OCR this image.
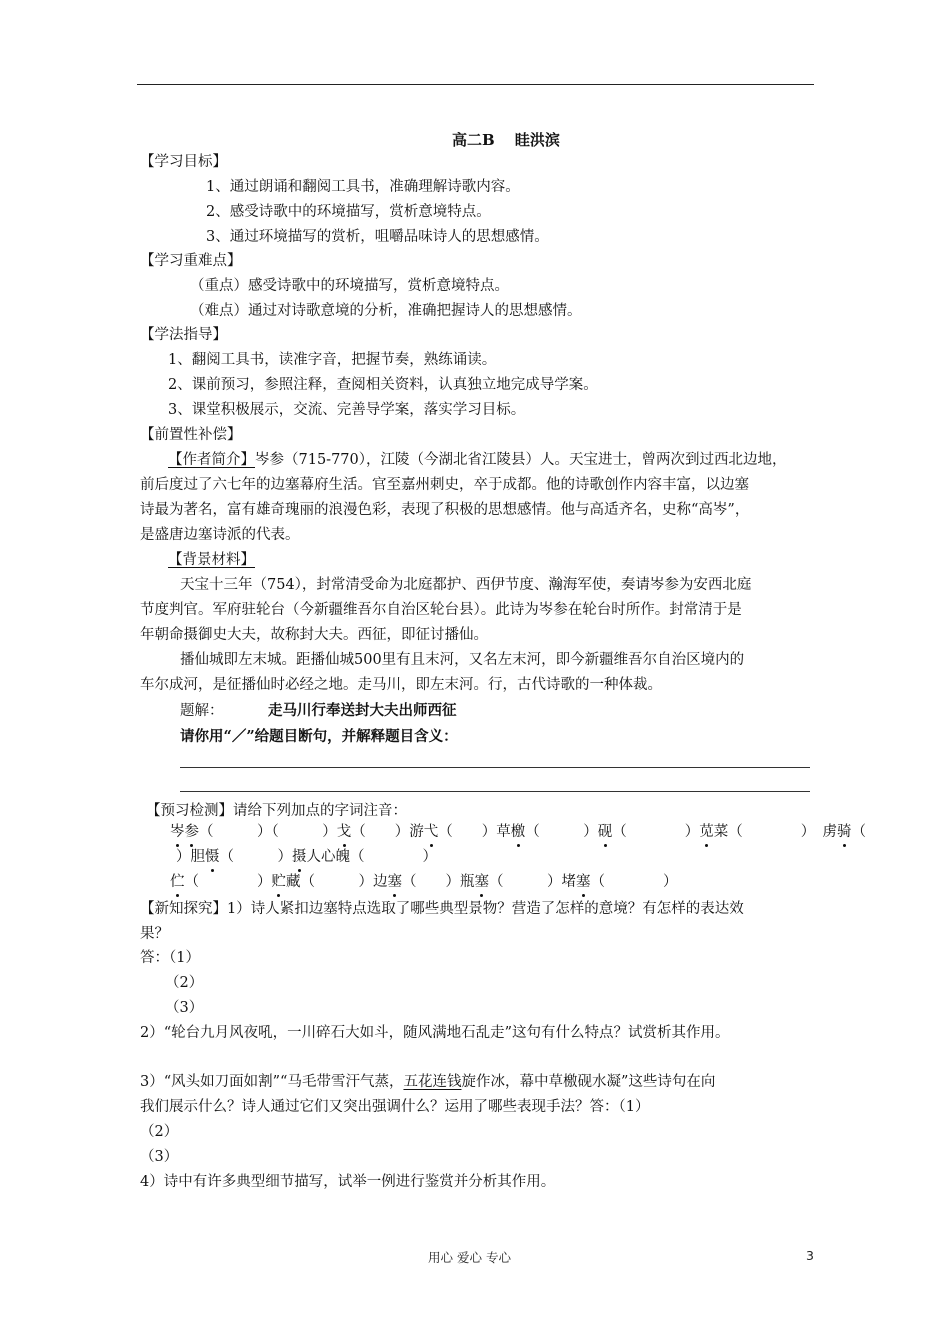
高二B　 眭洪滨
【学习目标】
1、通过朗诵和翻阅工具书，准确理解诗歌内容。
2、感受诗歌中的环境描写，赏析意境特点。
3、通过环境描写的赏析，咀嚼品味诗人的思想感情。
【学习重难点】
（重点）感受诗歌中的环境描写，赏析意境特点。
（难点）通过对诗歌意境的分析，准确把握诗人的思想感情。
【学法指导】
1、翻阅工具书，读准字音，把握节奏，熟练诵读。
2、课前预习，参照注释，查阅相关资料，认真独立地完成导学案。
3、课堂积极展示，交流、完善导学案，落实学习目标。
【前置性补偿】
【作者简介】岑参（715-770），江陵（今湖北省江陵县）人。天宝进士，曾两次到过西北边地，
前后度过了六七年的边塞幕府生活。官至嘉州刺史，卒于成都。他的诗歌创作内容丰富，以边塞
诗最为著名，富有雄奇瑰丽的浪漫色彩，表现了积极的思想感情。他与高适齐名，史称“高岑”，
是盛唐边塞诗派的代表。
【背景材料】
天宝十三年（754），封常清受命为北庭都护、西伊节度、瀚海军使，奏请岑参为安西北庭
节度判官。军府驻轮台（今新疆维吾尔自治区轮台县）。此诗为岑参在轮台时所作。封常清于是
年朝命摄御史大夫，故称封大夫。西征，即征讨播仙。
播仙城即左末城。距播仙城500里有且末河，又名左末河，即今新疆维吾尔自治区境内的
车尔成河，是征播仙时必经之地。走马川，即左末河。行，古代诗歌的一种体裁。
题解：	走马川行奉送封大夫出师西征
请你用“／”给题目断句，并解释题目含义：
【预习检测】请给下列加点的字词注音：
岑参（　　　）（　　　）戈（　　）游弋（　　）草檄（　　　）砚（　　　　）苋菜（　　　　）　虏骑（
）胆慑（　　　）摄人心魄（　　　　）
伫（　　　　）贮藏（　　　）边塞（　　）瓶塞（　　　）堵塞（　　　　）
【新知探究】1）诗人紧扣边塞特点选取了哪些典型景物？营造了怎样的意境？有怎样的表达效
果？
答：（1）
（2）
（3）
2）“轮台九月风夜吼，一川碎石大如斗，随风满地石乱走”这句有什么特点？试赏析其作用。
3）“风头如刀面如割”“马毛带雪汗气蒸，五花连钱旋作冰，幕中草檄砚水凝”这些诗句在向
我们展示什么？诗人通过它们又突出强调什么？运用了哪些表现手法？答：（1）
（2）
（3）
4）诗中有许多典型细节描写，试举一例进行鉴赏并分析其作用。
用心 爱心 专心	3
